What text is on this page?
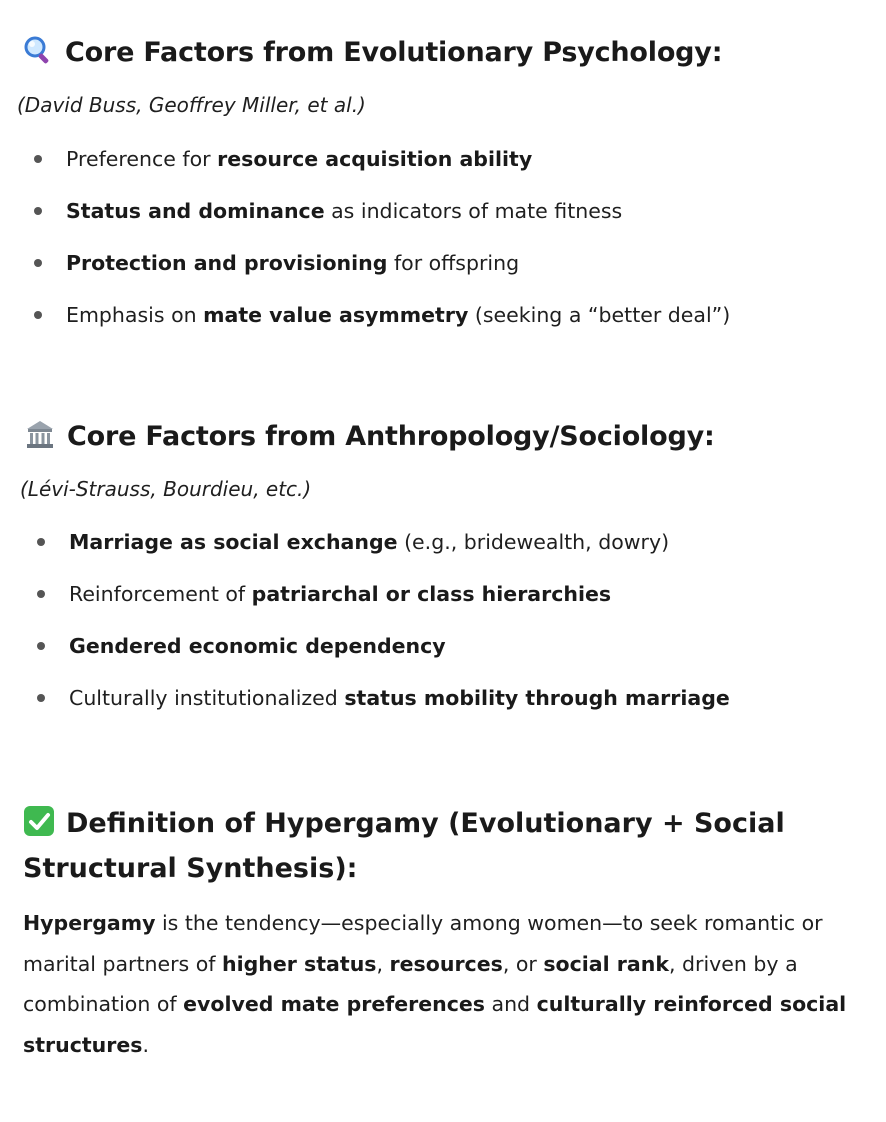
Core Factors from Evolutionary Psychology:

(David Buss, Geoffrey Miller, et al.)

Preference for resource acquisition ability
Status and dominance as indicators of mate fitness
Protection and provisioning for offspring
Emphasis on mate value asymmetry (seeking a “better deal”)
Core Factors from Anthropology/Sociology:

(Lévi-Strauss, Bourdieu, etc.)

Marriage as social exchange (e.g., bridewealth, dowry)
Reinforcement of patriarchal or class hierarchies
Gendered economic dependency
Culturally institutionalized status mobility through marriage
Definition of Hypergamy (Evolutionary + Social Structural Synthesis):

Hypergamy is the tendency—especially among women—to seek romantic or marital partners of higher status, resources, or social rank, driven by a combination of evolved mate preferences and culturally reinforced social structures.
